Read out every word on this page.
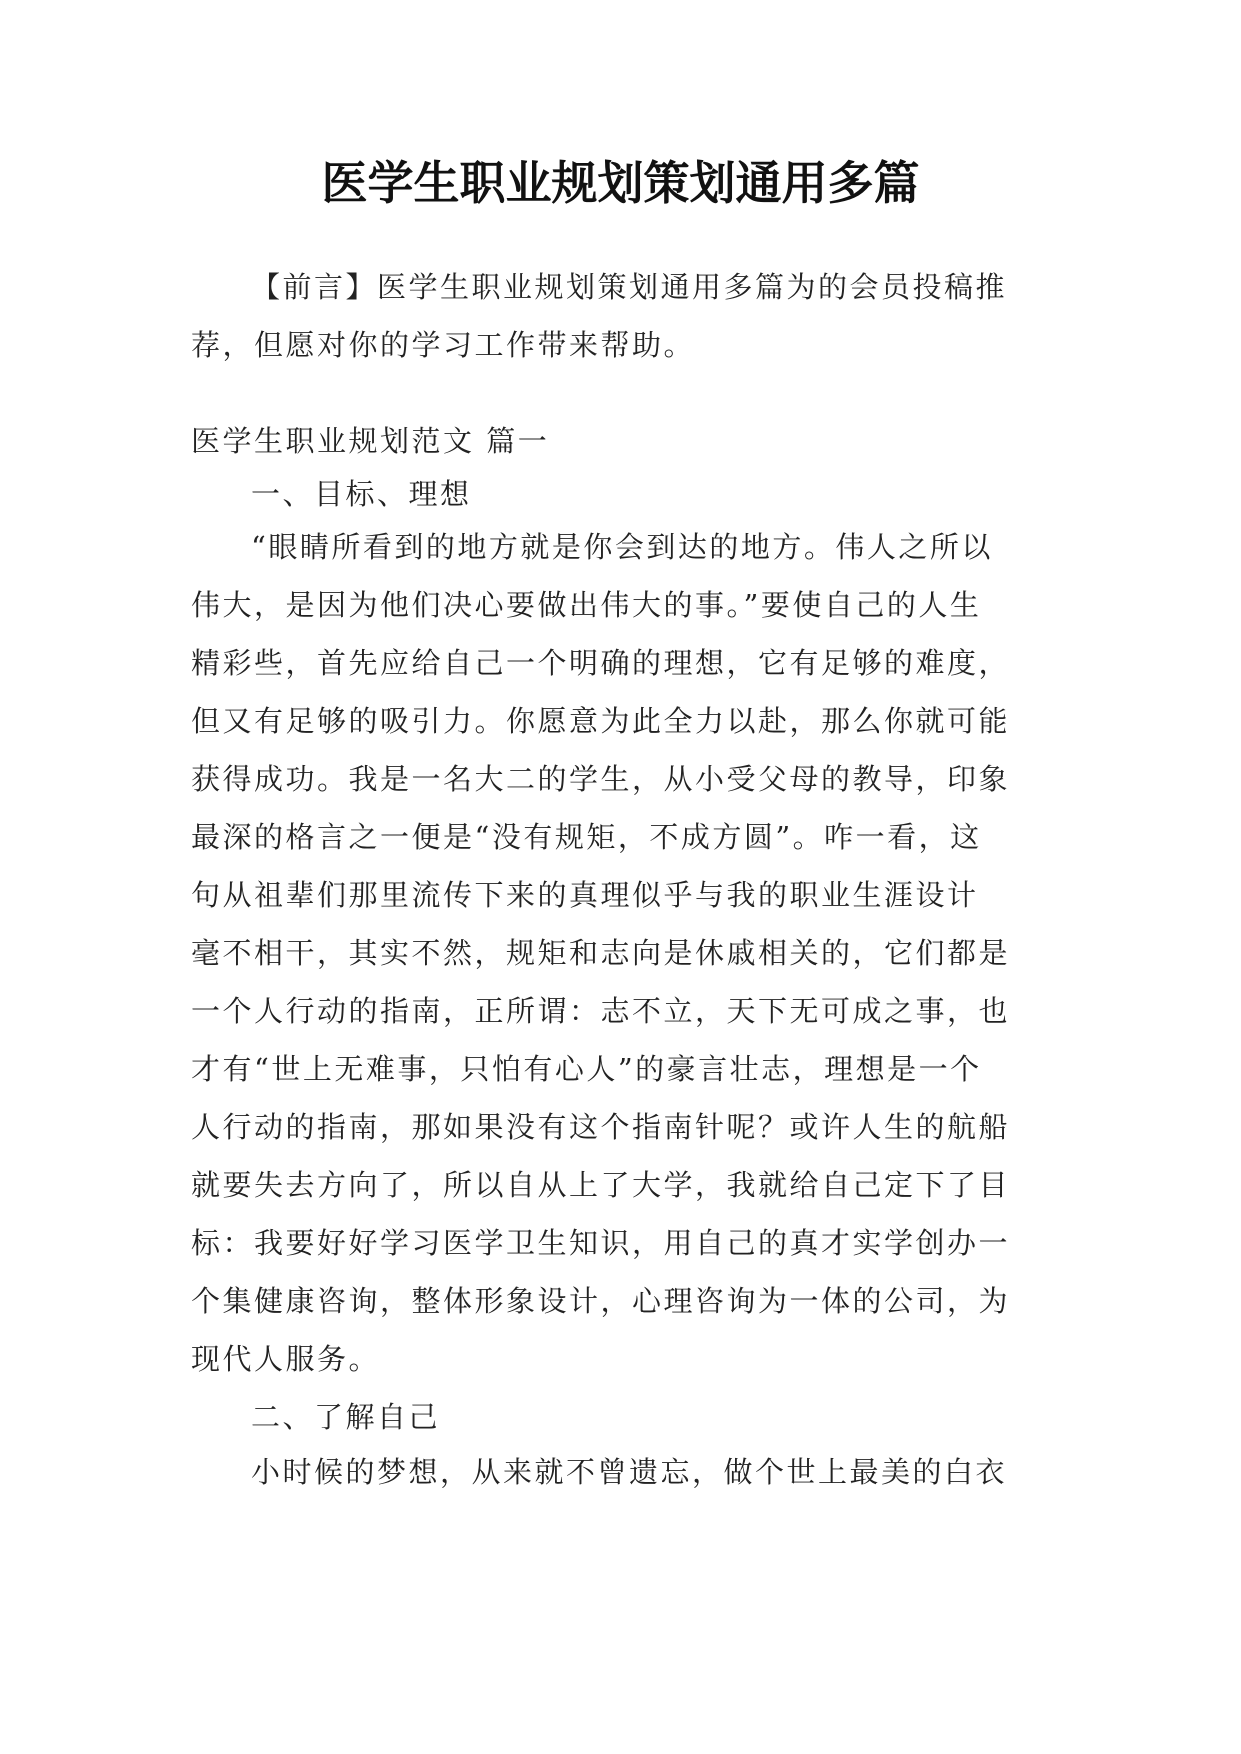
医学生职业规划策划通用多篇
【前言】医学生职业规划策划通用多篇为的会员投稿推
荐，但愿对你的学习工作带来帮助。
医学生职业规划范文 篇一
一、目标、理想
“眼睛所看到的地方就是你会到达的地方。伟人之所以
伟大，是因为他们决心要做出伟大的事。”要使自己的人生
精彩些，首先应给自己一个明确的理想，它有足够的难度，
但又有足够的吸引力。你愿意为此全力以赴，那么你就可能
获得成功。我是一名大二的学生，从小受父母的教导，印象
最深的格言之一便是“没有规矩，不成方圆”。咋一看，这
句从祖辈们那里流传下来的真理似乎与我的职业生涯设计
毫不相干，其实不然，规矩和志向是休戚相关的，它们都是
一个人行动的指南，正所谓：志不立，天下无可成之事，也
才有“世上无难事，只怕有心人”的豪言壮志，理想是一个
人行动的指南，那如果没有这个指南针呢？或许人生的航船
就要失去方向了，所以自从上了大学，我就给自己定下了目
标：我要好好学习医学卫生知识，用自己的真才实学创办一
个集健康咨询，整体形象设计，心理咨询为一体的公司，为
现代人服务。
二、了解自己
小时候的梦想，从来就不曾遗忘，做个世上最美的白衣
